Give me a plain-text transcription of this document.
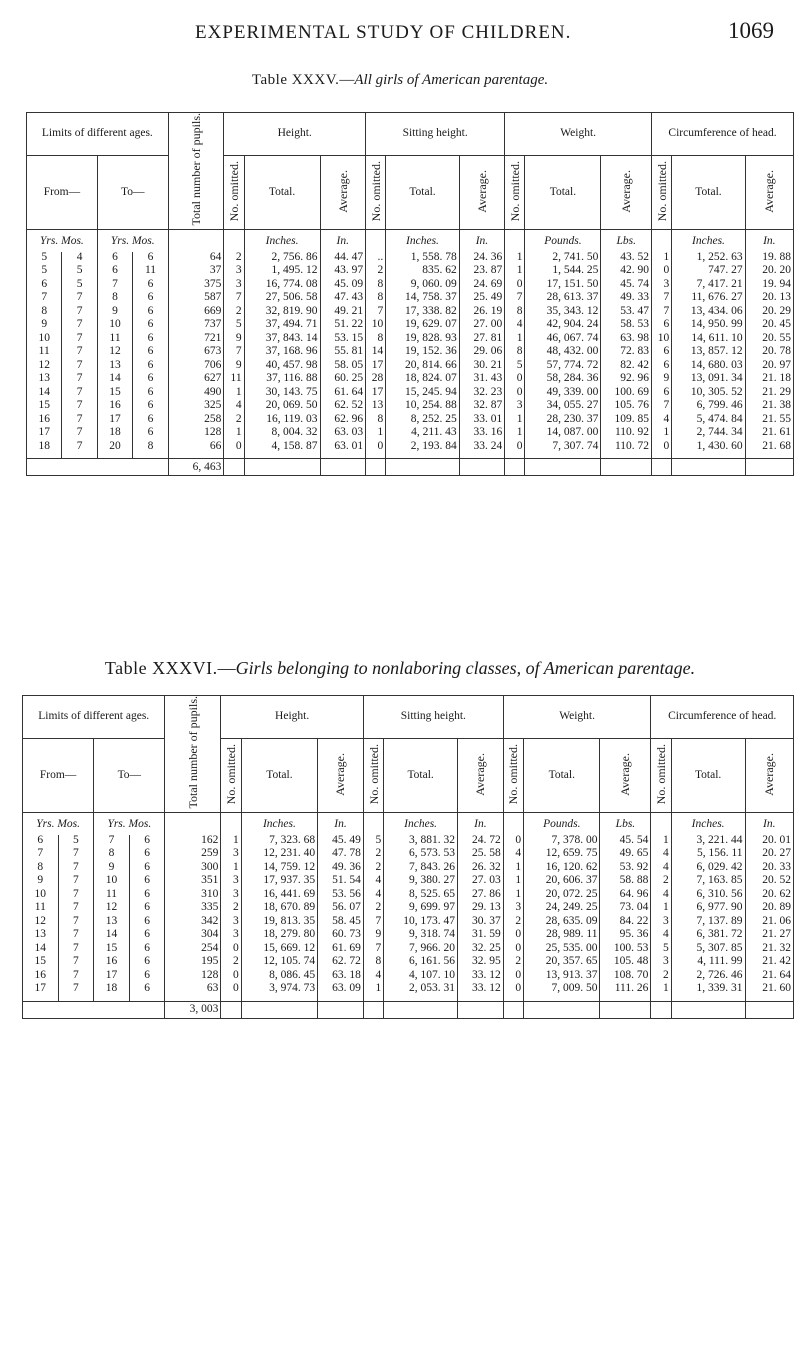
EXPERIMENTAL STUDY OF CHILDREN.	1069
Table XXXV.—All girls of American parentage.
Limits of different ages.				Total number of pupils.	Height.			Sitting height.			Weight.			Circumference of head.		
From—		To—			No. omitted.	Total.	Average.	No. omitted.	Total.	Average.	No. omitted.	Total.	Average.	No. omitted.	Total.	Average.
Yrs. Mos.		Yrs. Mos.				Inches.	In.		Inches.	In.		Pounds.	Lbs.		Inches.	In.
5	4	6	6	64	2	2, 756. 86	44. 47	..	1, 558. 78	24. 36	1	2, 741. 50	43. 52	1	1, 252. 63	19. 88
5	5	6	11	37	3	1, 495. 12	43. 97	2	835. 62	23. 87	1	1, 544. 25	42. 90	0	747. 27	20. 20
6	5	7	6	375	3	16, 774. 08	45. 09	8	9, 060. 09	24. 69	0	17, 151. 50	45. 74	3	7, 417. 21	19. 94
7	7	8	6	587	7	27, 506. 58	47. 43	8	14, 758. 37	25. 49	7	28, 613. 37	49. 33	7	11, 676. 27	20. 13
8	7	9	6	669	2	32, 819. 90	49. 21	7	17, 338. 82	26. 19	8	35, 343. 12	53. 47	7	13, 434. 06	20. 29
9	7	10	6	737	5	37, 494. 71	51. 22	10	19, 629. 07	27. 00	4	42, 904. 24	58. 53	6	14, 950. 99	20. 45
10	7	11	6	721	9	37, 843. 14	53. 15	8	19, 828. 93	27. 81	1	46, 067. 74	63. 98	10	14, 611. 10	20. 55
11	7	12	6	673	7	37, 168. 96	55. 81	14	19, 152. 36	29. 06	8	48, 432. 00	72. 83	6	13, 857. 12	20. 78
12	7	13	6	706	9	40, 457. 98	58. 05	17	20, 814. 66	30. 21	5	57, 774. 72	82. 42	6	14, 680. 03	20. 97
13	7	14	6	627	11	37, 116. 88	60. 25	28	18, 824. 07	31. 43	0	58, 284. 36	92. 96	9	13, 091. 34	21. 18
14	7	15	6	490	1	30, 143. 75	61. 64	17	15, 245. 94	32. 23	0	49, 339. 00	100. 69	6	10, 305. 52	21. 29
15	7	16	6	325	4	20, 069. 50	62. 52	13	10, 254. 88	32. 87	3	34, 055. 27	105. 76	7	6, 799. 46	21. 38
16	7	17	6	258	2	16, 119. 03	62. 96	8	8, 252. 25	33. 01	1	28, 230. 37	109. 85	4	5, 474. 84	21. 55
17	7	18	6	128	1	8, 004. 32	63. 03	1	4, 211. 43	33. 16	1	14, 087. 00	110. 92	1	2, 744. 34	21. 61
18	7	20	8	66	0	4, 158. 87	63. 01	0	2, 193. 84	33. 24	0	7, 307. 74	110. 72	0	1, 430. 60	21. 68
				6, 463												
Table XXXVI.—Girls belonging to nonlaboring classes, of American parentage.
Limits of different ages.				Total number of pupils.	Height.			Sitting height.			Weight.			Circumference of head.		
From—		To—			No. omitted.	Total.	Average.	No. omitted.	Total.	Average.	No. omitted.	Total.	Average.	No. omitted.	Total.	Average.
Yrs. Mos.		Yrs. Mos.				Inches.	In.		Inches.	In.		Pounds.	Lbs.		Inches.	In.
6	5	7	6	162	1	7, 323. 68	45. 49	5	3, 881. 32	24. 72	0	7, 378. 00	45. 54	1	3, 221. 44	20. 01
7	7	8	6	259	3	12, 231. 40	47. 78	2	6, 573. 53	25. 58	4	12, 659. 75	49. 65	4	5, 156. 11	20. 27
8	7	9	6	300	1	14, 759. 12	49. 36	2	7, 843. 26	26. 32	1	16, 120. 62	53. 92	4	6, 029. 42	20. 33
9	7	10	6	351	3	17, 937. 35	51. 54	4	9, 380. 27	27. 03	1	20, 606. 37	58. 88	2	7, 163. 85	20. 52
10	7	11	6	310	3	16, 441. 69	53. 56	4	8, 525. 65	27. 86	1	20, 072. 25	64. 96	4	6, 310. 56	20. 62
11	7	12	6	335	2	18, 670. 89	56. 07	2	9, 699. 97	29. 13	3	24, 249. 25	73. 04	1	6, 977. 90	20. 89
12	7	13	6	342	3	19, 813. 35	58. 45	7	10, 173. 47	30. 37	2	28, 635. 09	84. 22	3	7, 137. 89	21. 06
13	7	14	6	304	3	18, 279. 80	60. 73	9	9, 318. 74	31. 59	0	28, 989. 11	95. 36	4	6, 381. 72	21. 27
14	7	15	6	254	0	15, 669. 12	61. 69	7	7, 966. 20	32. 25	0	25, 535. 00	100. 53	5	5, 307. 85	21. 32
15	7	16	6	195	2	12, 105. 74	62. 72	8	6, 161. 56	32. 95	2	20, 357. 65	105. 48	3	4, 111. 99	21. 42
16	7	17	6	128	0	8, 086. 45	63. 18	4	4, 107. 10	33. 12	0	13, 913. 37	108. 70	2	2, 726. 46	21. 64
17	7	18	6	63	0	3, 974. 73	63. 09	1	2, 053. 31	33. 12	0	7, 009. 50	111. 26	1	1, 339. 31	21. 60
				3, 003												
